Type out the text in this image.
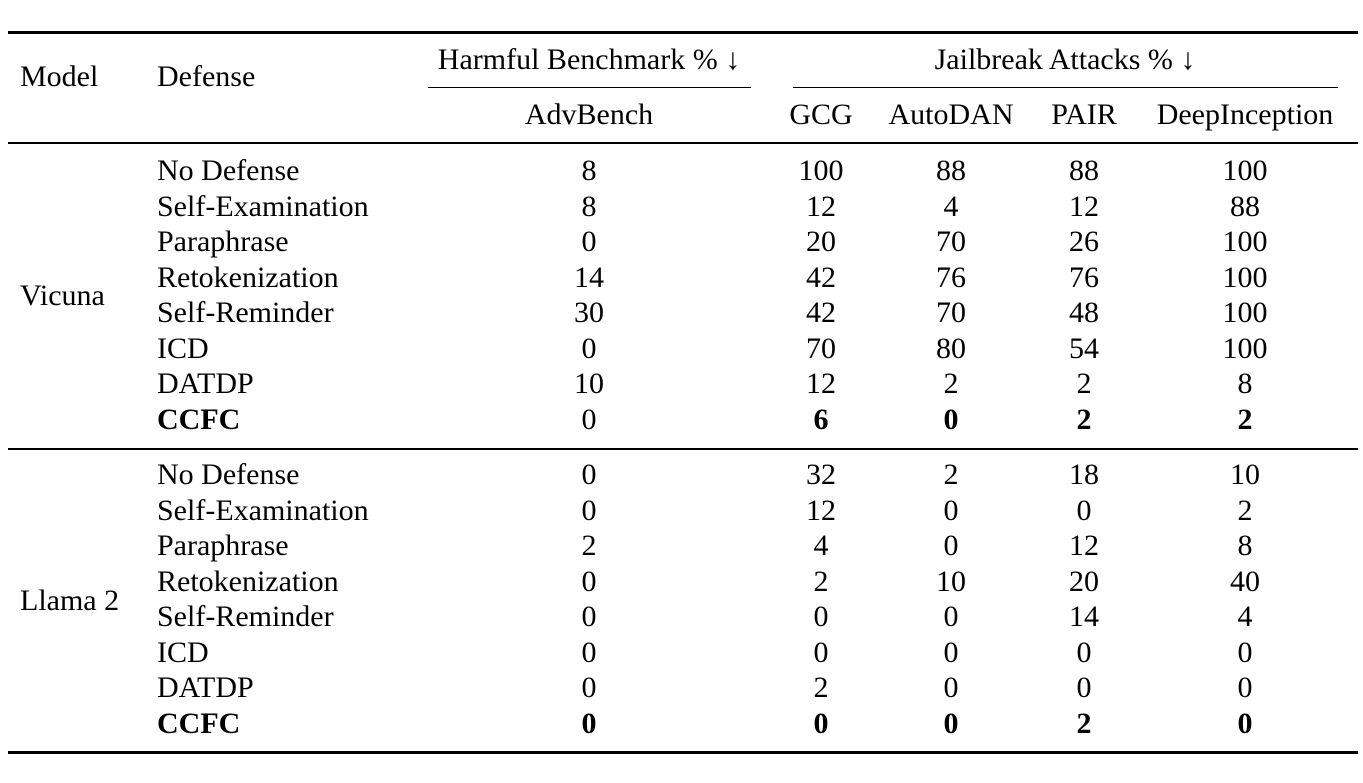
Model Defense
Harmful Benchmark % ↓	Jailbreak Attacks % ↓
AdvBench	GCG AutoDAN PAIR DeepInception
Vicuna
No Defense	8	100	88	88	100
Self-Examination	8	12	4	12	88
Paraphrase	0	20	70	26	100
Retokenization	14	42	76	76	100
Self-Reminder	30	42	70	48	100
ICD	0	70	80	54	100
DATDP	10	12	2	2	8
CCFC	0	6	0	2	2
Llama 2
No Defense	0	32	2	18	10
Self-Examination	0	12	0	0	2
Paraphrase	2	4	0	12	8
Retokenization	0	2	10	20	40
Self-Reminder	0	0	0	14	4
ICD	0	0	0	0	0
DATDP	0	2	0	0	0
CCFC	0	0	0	2	0
